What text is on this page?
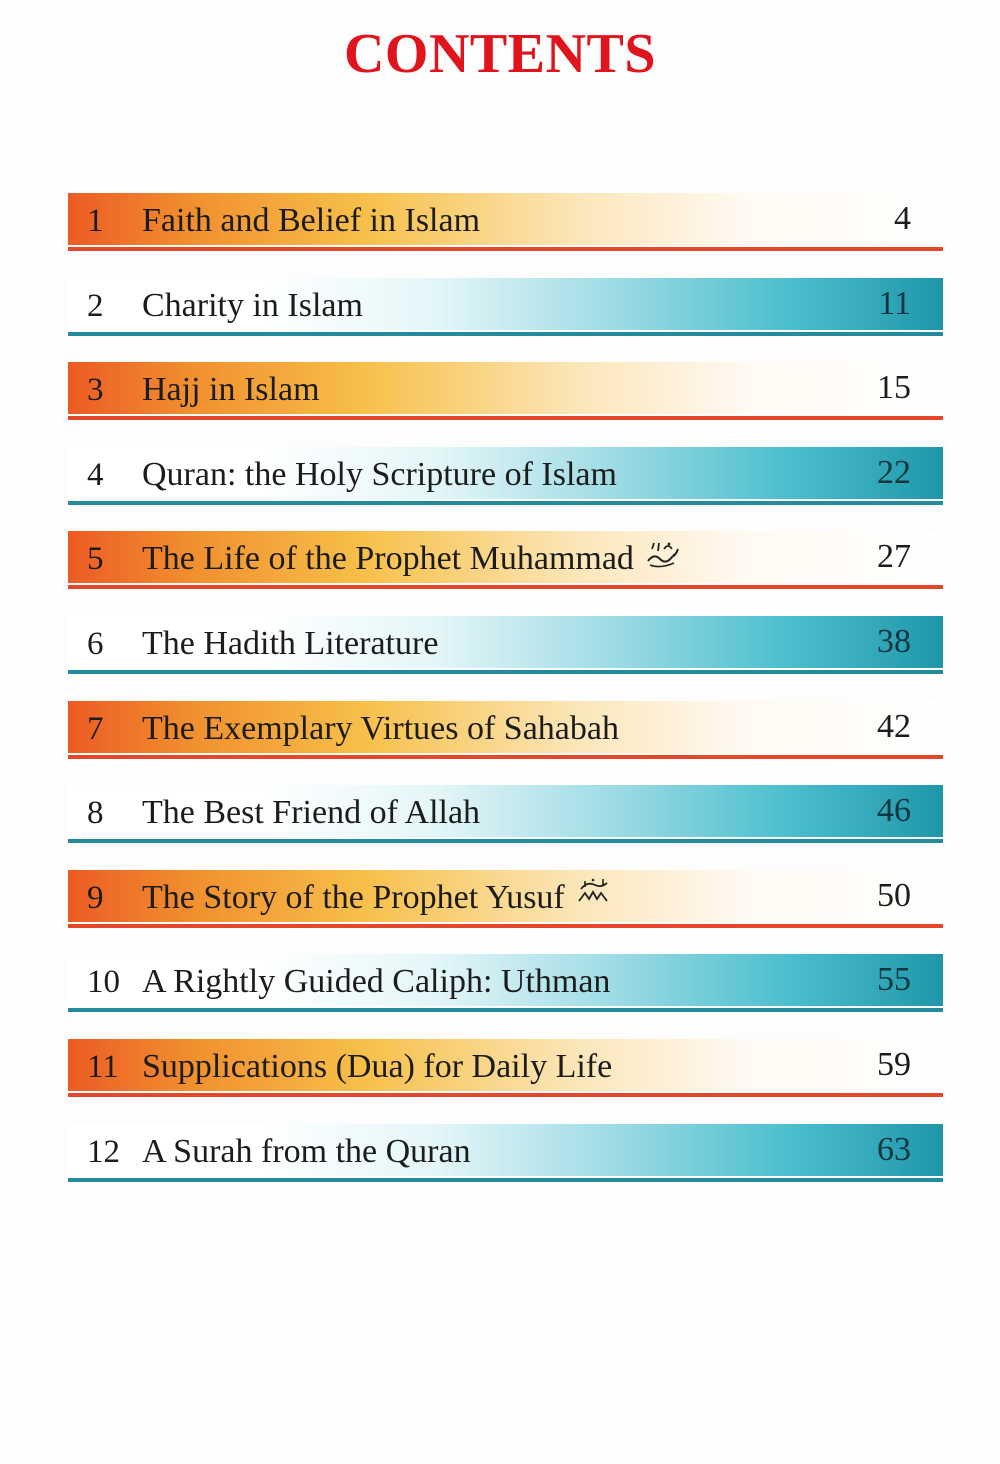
CONTENTS
1 Faith and Belief in Islam	4
2 Charity in Islam	11
3 Hajj in Islam	15
4 Quran: the Holy Scripture of Islam	22
5 The Life of the Prophet Muhammad	27
6 The Hadith Literature	38
7 The Exemplary Virtues of Sahabah	42
8 The Best Friend of Allah	46
9 The Story of the Prophet Yusuf	50
10 A Rightly Guided Caliph: Uthman	55
11 Supplications (Dua) for Daily Life	59
12 A Surah from the Quran	63
